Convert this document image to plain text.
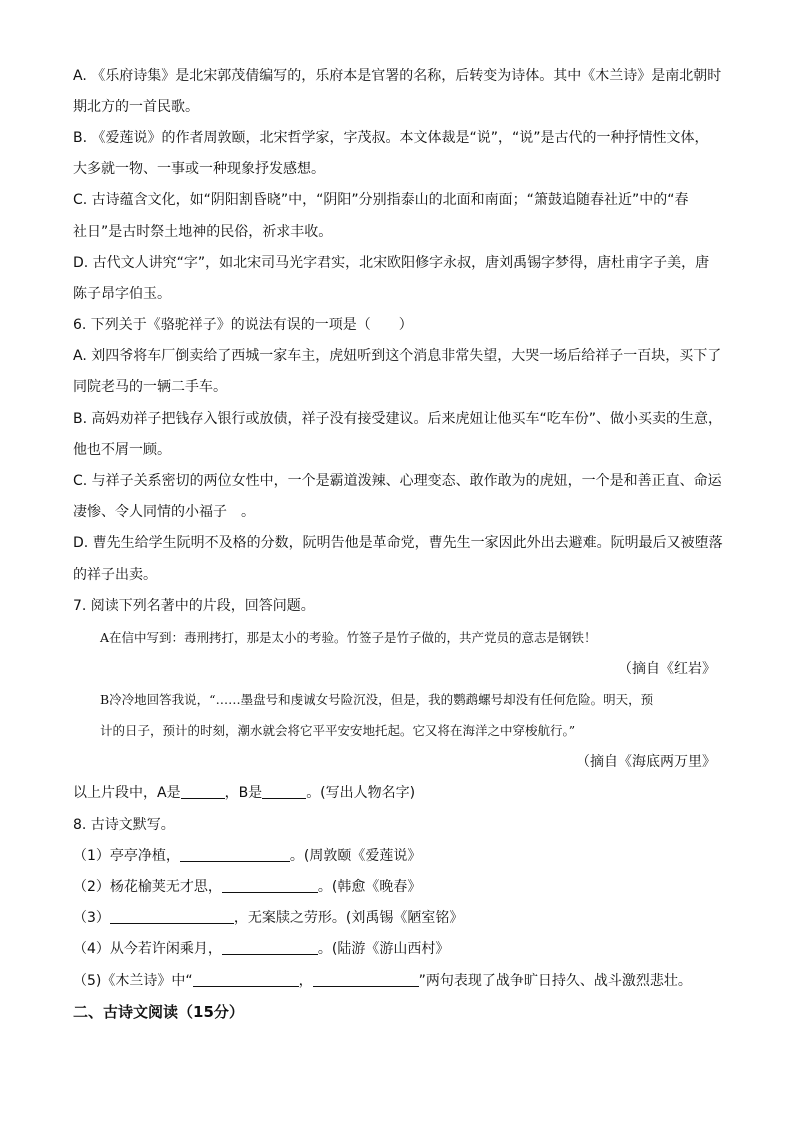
A. 《乐府诗集》是北宋郭茂倩编写的，乐府本是官署的名称，后转变为诗体。其中《木兰诗》是南北朝时
期北方的一首民歌。
B. 《爱莲说》的作者周敦颐，北宋哲学家，字茂叔。本文体裁是“说”，“说”是古代的一种抒情性文体，
大多就一物、一事或一种现象抒发感想。
C. 古诗蕴含文化，如“阴阳割昏晓”中，“阴阳”分别指泰山的北面和南面；“箫鼓追随春社近”中的“春
社日”是古时祭土地神的民俗，祈求丰收。
D. 古代文人讲究“字”，如北宋司马光字君实，北宋欧阳修字永叔，唐刘禹锡字梦得，唐杜甫字子美，唐
陈子昂字伯玉。
6. 下列关于《骆驼祥子》的说法有误的一项是（　　）
A. 刘四爷将车厂倒卖给了西城一家车主，虎妞听到这个消息非常失望，大哭一场后给祥子一百块，买下了
同院老马的一辆二手车。
B. 高妈劝祥子把钱存入银行或放债，祥子没有接受建议。后来虎妞让他买车“吃车份”、做小买卖的生意，
他也不屑一顾。
C. 与祥子关系密切的两位女性中，一个是霸道泼辣、心理变态、敢作敢为的虎妞，一个是和善正直、命运
凄惨、令人同情的小福子　。
D. 曹先生给学生阮明不及格的分数，阮明告他是革命党，曹先生一家因此外出去避难。阮明最后又被堕落
的祥子出卖。
7. 阅读下列名著中的片段，回答问题。
A在信中写到：毒刑拷打，那是太小的考验。竹签子是竹子做的，共产党员的意志是钢铁！
（摘自《红岩》
B冷冷地回答我说，“……墨盘号和虔诚女号险沉没，但是，我的鹦鹉螺号却没有任何危险。明天，预
计的日子，预计的时刻，潮水就会将它平平安安地托起。它又将在海洋之中穿梭航行。”
（摘自《海底两万里》
以上片段中，A是	，B是	。(写出人物名字)
8. 古诗文默写。
（1）亭亭净植，	。(周敦颐《爱莲说》
（2）杨花榆荚无才思，	。(韩愈《晚春》
（3）	，无案牍之劳形。(刘禹锡《陋室铭》
（4）从今若许闲乘月，	。(陆游《游山西村》
（5)《木兰诗》中“	，	”两句表现了战争旷日持久、战斗激烈悲壮。
二、古诗文阅读（15分）
